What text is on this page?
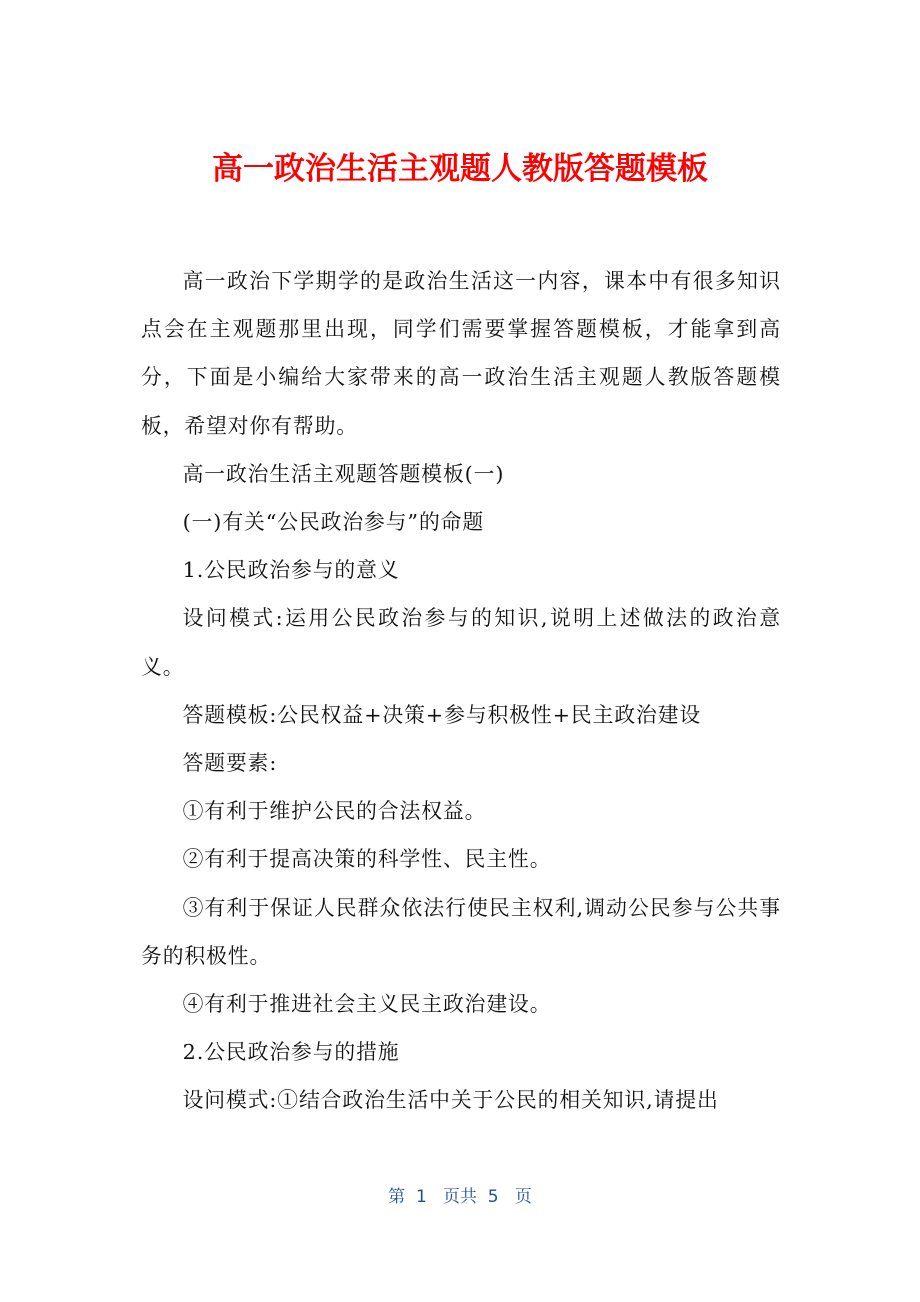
高一政治生活主观题人教版答题模板

高一政治下学期学的是政治生活这一内容，课本中有很多知识点会在主观题那里出现，同学们需要掌握答题模板，才能拿到高分，下面是小编给大家带来的高一政治生活主观题人教版答题模板，希望对你有帮助。

高一政治生活主观题答题模板(一)

(一)有关“公民政治参与”的命题

1.公民政治参与的意义

设问模式:运用公民政治参与的知识,说明上述做法的政治意义。

答题模板:公民权益+决策+参与积极性+民主政治建设

答题要素:

①有利于维护公民的合法权益。

②有利于提高决策的科学性、民主性。

③有利于保证人民群众依法行使民主权利,调动公民参与公共事务的积极性。

④有利于推进社会主义民主政治建设。

2.公民政治参与的措施

设问模式:①结合政治生活中关于公民的相关知识,请提出

第  1   页共  5   页
